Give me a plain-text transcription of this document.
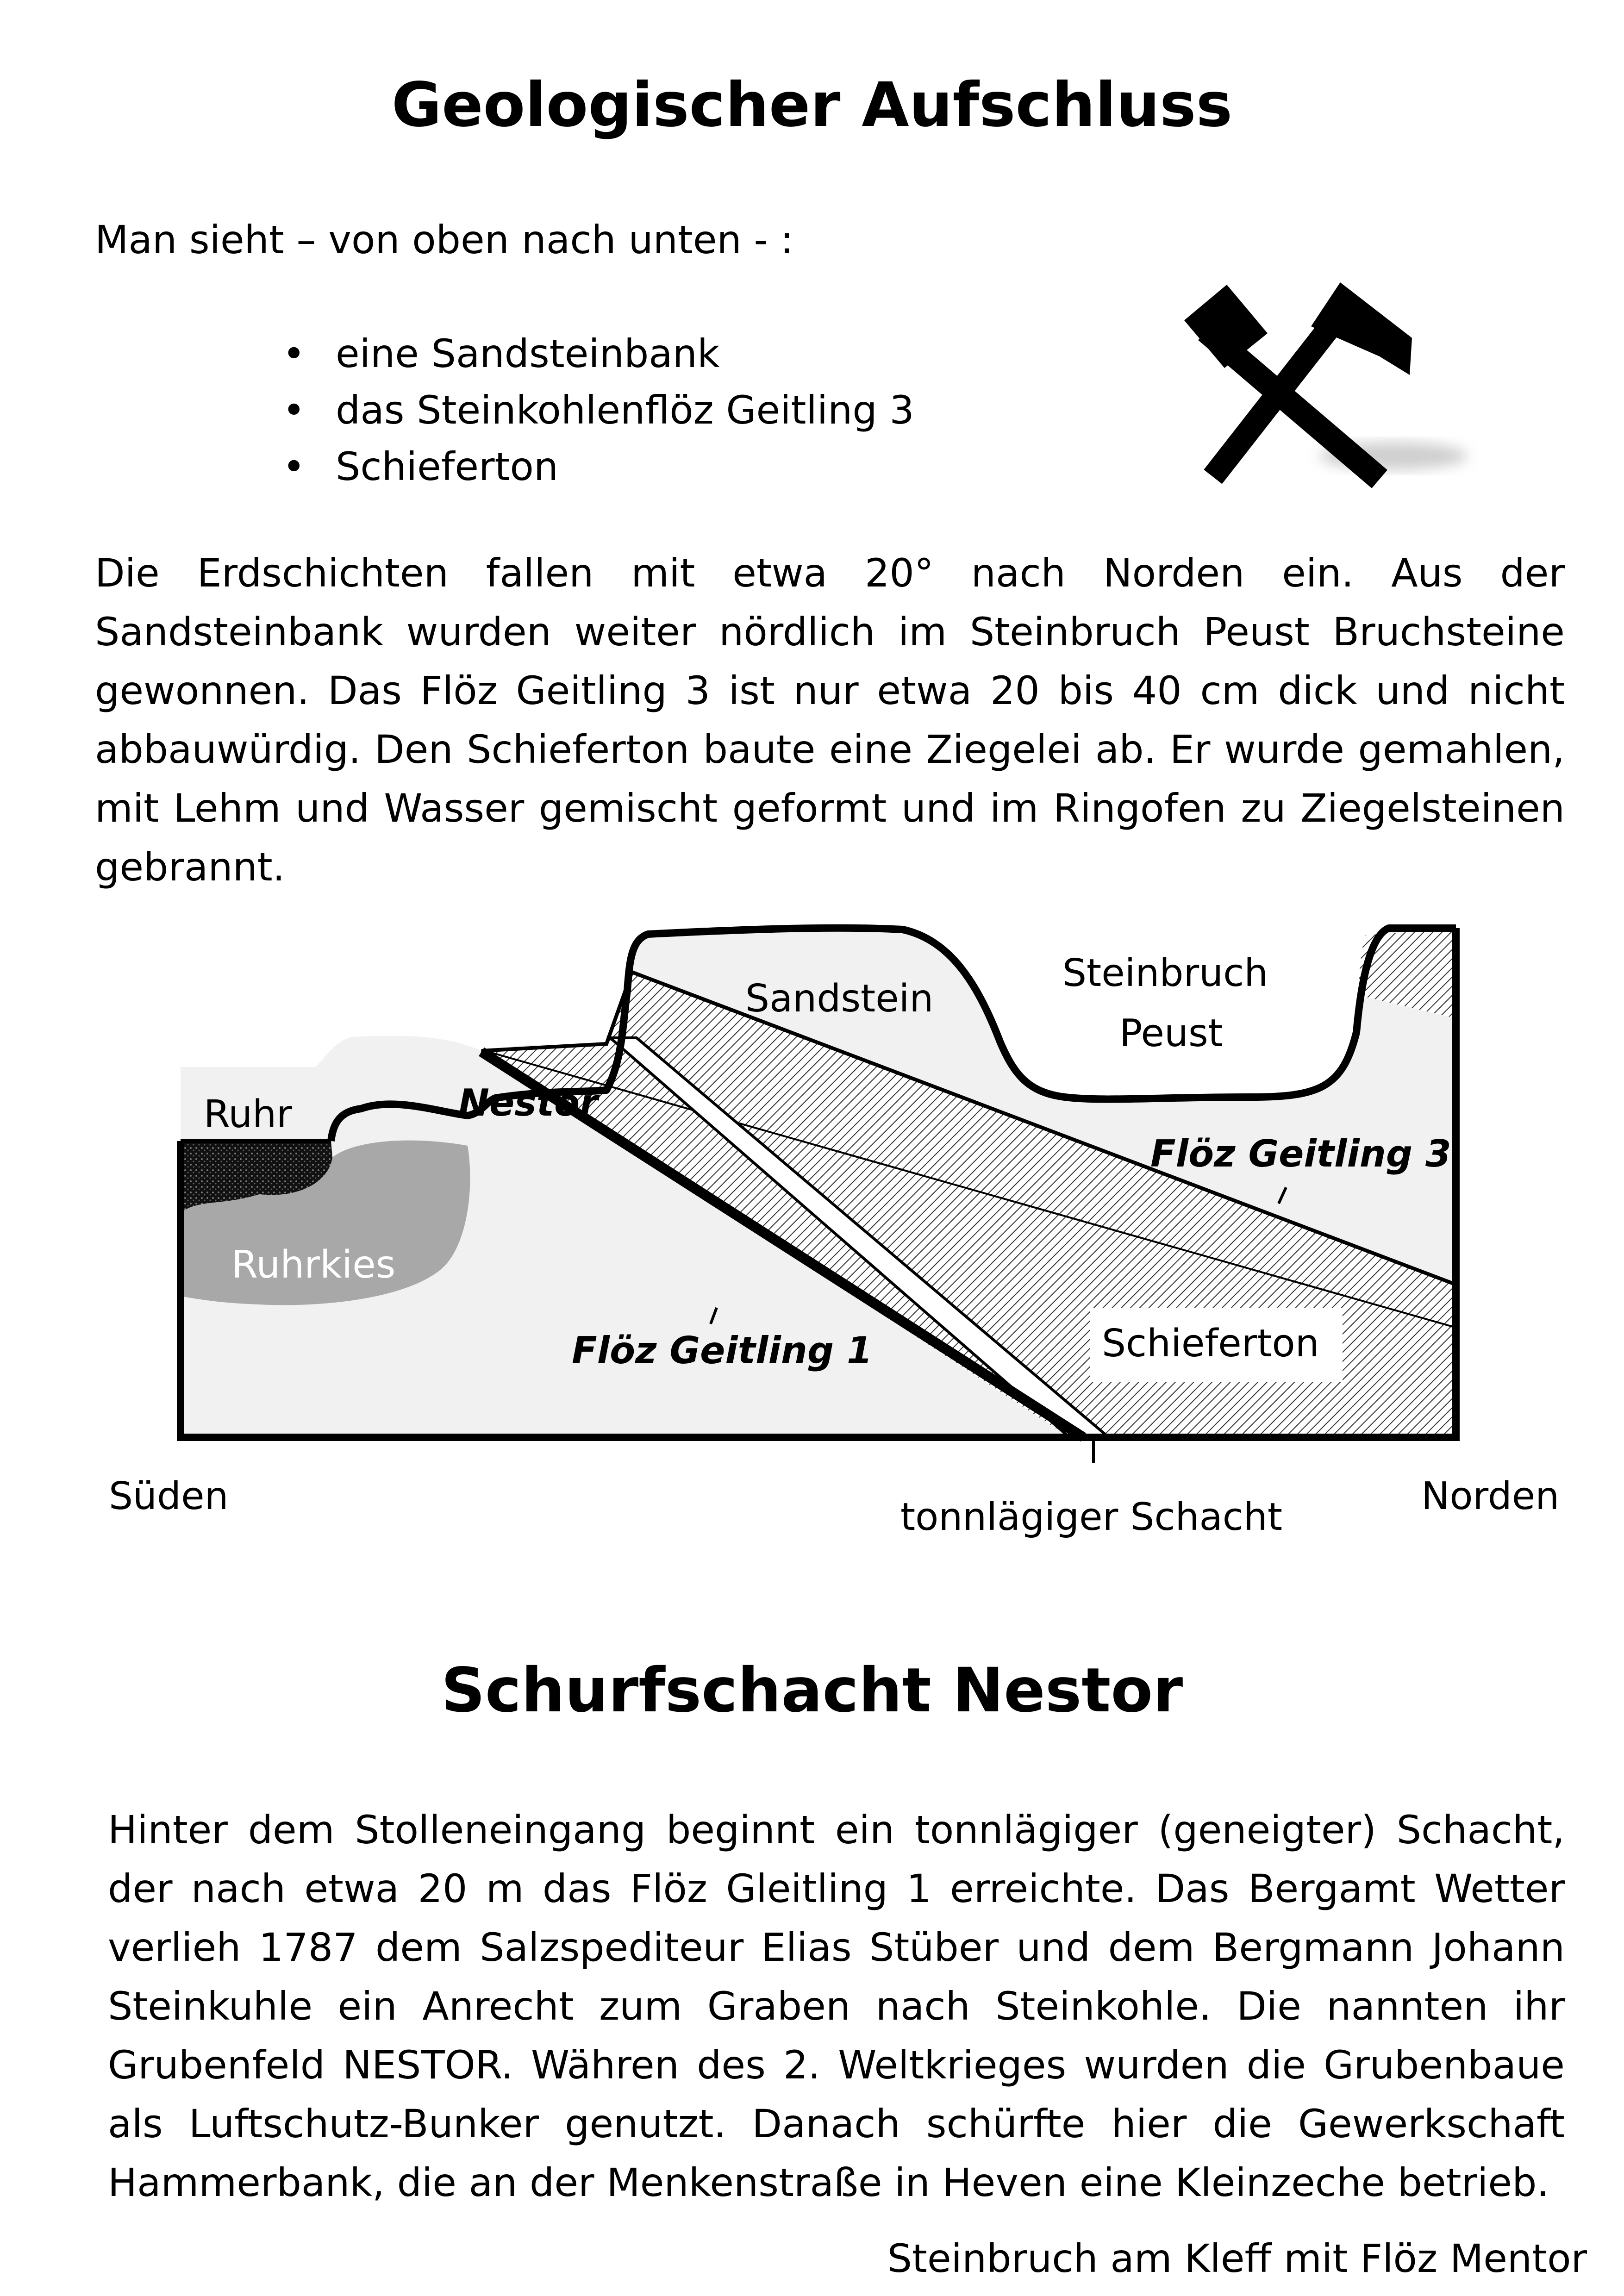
Geologischer Aufschluss
Man sieht – von oben nach unten - :
• eine Sandsteinbank
• das Steinkohlenflöz Geitling 3
• Schieferton
Die Erdschichten fallen mit etwa 20° nach Norden ein. Aus der Sandsteinbank wurden weiter nördlich im Steinbruch Peust Bruchsteine gewonnen. Das Flöz Geitling 3 ist nur etwa 20 bis 40 cm dick und nicht abbauwürdig. Den Schieferton baute eine Ziegelei ab. Er wurde gemahlen, mit Lehm und Wasser gemischt geformt und im Ringofen zu Ziegelsteinen gebrannt.
Sandstein
Steinbruch
Peust
Nestor
Ruhr
Ruhrkies
Flöz Geitling 3
Flöz Geitling 1	Schieferton
Süden	Norden
tonnlägiger Schacht
Schurfschacht Nestor
Hinter dem Stolleneingang beginnt ein tonnlägiger (geneigter) Schacht, der nach etwa 20 m das Flöz Gleitling 1 erreichte. Das Bergamt Wetter verlieh 1787 dem Salzspediteur Elias Stüber und dem Bergmann Johann Steinkuhle ein Anrecht zum Graben nach Steinkohle. Die nannten ihr Grubenfeld NESTOR. Währen des 2. Weltkrieges wurden die Grubenbaue als Luftschutz-Bunker genutzt. Danach schürfte hier die Gewerkschaft Hammerbank, die an der Menkenstraße in Heven eine Kleinzeche betrieb.
Steinbruch am Kleff mit Flöz Mentor
